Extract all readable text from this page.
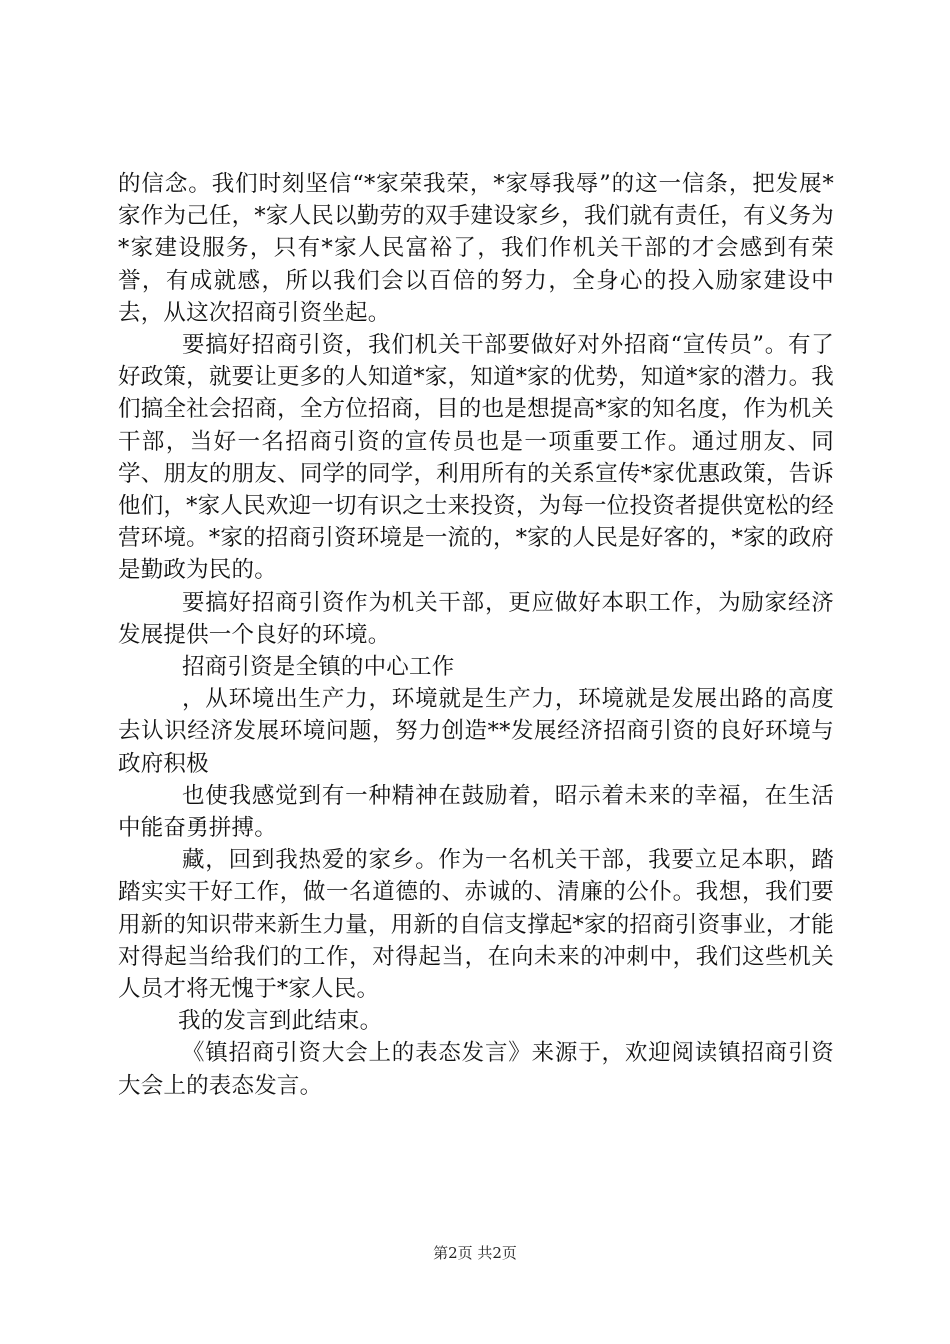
的信念。我们时刻坚信“*家荣我荣，*家辱我辱”的这一信条，把发展*家作为己任，*家人民以勤劳的双手建设家乡，我们就有责任，有义务为*家建设服务，只有*家人民富裕了，我们作机关干部的才会感到有荣誉，有成就感，所以我们会以百倍的努力，全身心的投入励家建设中去，从这次招商引资坐起。

要搞好招商引资，我们机关干部要做好对外招商“宣传员”。有了好政策，就要让更多的人知道*家，知道*家的优势，知道*家的潜力。我们搞全社会招商，全方位招商，目的也是想提高*家的知名度，作为机关干部，当好一名招商引资的宣传员也是一项重要工作。通过朋友、同学、朋友的朋友、同学的同学，利用所有的关系宣传*家优惠政策，告诉他们，*家人民欢迎一切有识之士来投资，为每一位投资者提供宽松的经营环境。*家的招商引资环境是一流的，*家的人民是好客的，*家的政府是勤政为民的。

要搞好招商引资作为机关干部，更应做好本职工作，为励家经济发展提供一个良好的环境。

招商引资是全镇的中心工作

，从环境出生产力，环境就是生产力，环境就是发展出路的高度去认识经济发展环境问题，努力创造**发展经济招商引资的良好环境与政府积极

也使我感觉到有一种精神在鼓励着，昭示着未来的幸福，在生活中能奋勇拼搏。

藏，回到我热爱的家乡。作为一名机关干部，我要立足本职，踏踏实实干好工作，做一名道德的、赤诚的、清廉的公仆。我想，我们要用新的知识带来新生力量，用新的自信支撑起*家的招商引资事业，才能对得起当给我们的工作，对得起当，在向未来的冲刺中，我们这些机关人员才将无愧于*家人民。

我的发言到此结束。

《镇招商引资大会上的表态发言》来源于，欢迎阅读镇招商引资大会上的表态发言。

第2页 共2页
